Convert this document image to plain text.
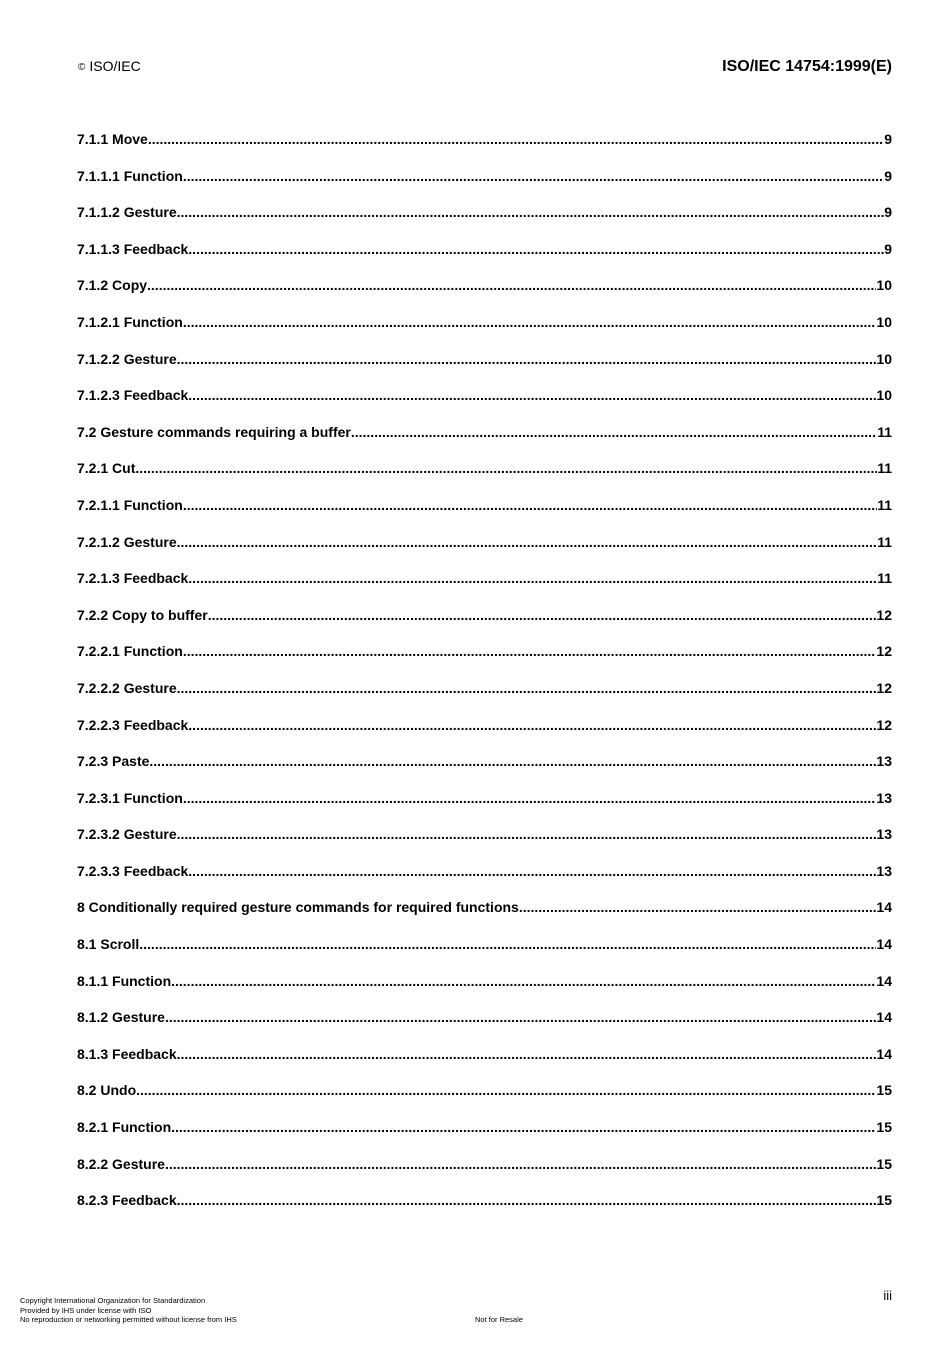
© ISO/IEC	ISO/IEC 14754:1999(E)
7.1.1 Move .....	9
7.1.1.1 Function .....	9
7.1.1.2 Gesture .....	9
7.1.1.3 Feedback .....	9
7.1.2 Copy .....	10
7.1.2.1 Function .....	10
7.1.2.2 Gesture .....	10
7.1.2.3 Feedback .....	10
7.2 Gesture commands requiring a buffer .....	11
7.2.1 Cut .....	11
7.2.1.1 Function .....	11
7.2.1.2 Gesture .....	11
7.2.1.3 Feedback .....	11
7.2.2 Copy to buffer .....	12
7.2.2.1 Function .....	12
7.2.2.2 Gesture .....	12
7.2.2.3 Feedback .....	12
7.2.3 Paste .....	13
7.2.3.1 Function .....	13
7.2.3.2 Gesture .....	13
7.2.3.3 Feedback .....	13
8 Conditionally required gesture commands for required functions .....	14
8.1 Scroll .....	14
8.1.1 Function .....	14
8.1.2 Gesture .....	14
8.1.3 Feedback .....	14
8.2 Undo .....	15
8.2.1 Function .....	15
8.2.2 Gesture .....	15
8.2.3 Feedback .....	15
iii
Copyright International Organization for Standardization
Provided by IHS under license with ISO
No reproduction or networking permitted without license from IHS	Not for Resale
